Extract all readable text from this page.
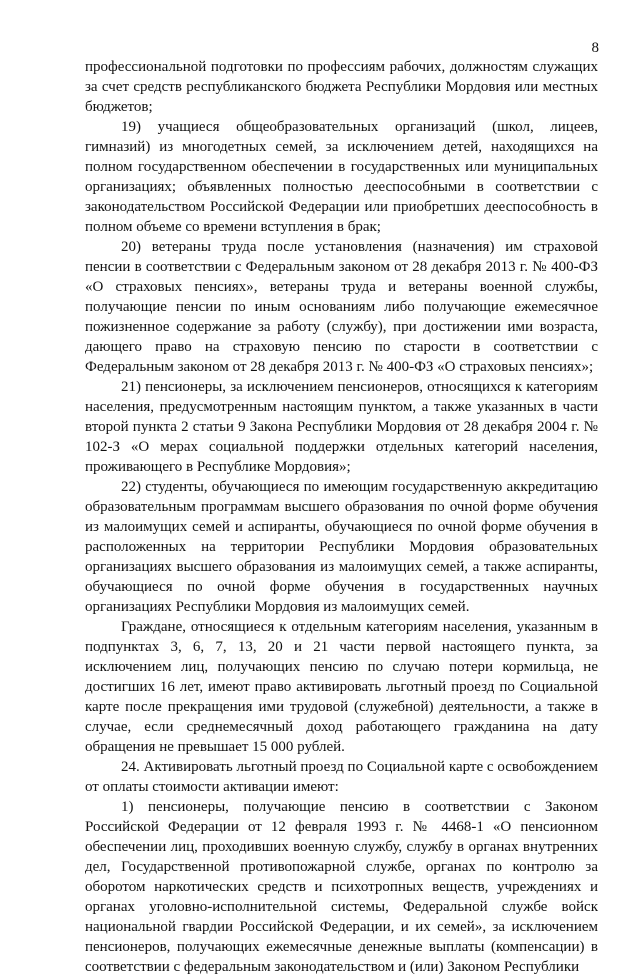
8

профессиональной подготовки по профессиям рабочих, должностям служащих за счет средств республиканского бюджета Республики Мордовия или местных бюджетов;

19) учащиеся общеобразовательных организаций (школ, лицеев, гимназий) из многодетных семей, за исключением детей, находящихся на полном государственном обеспечении в государственных или муниципальных организациях; объявленных полностью дееспособными в соответствии с законодательством Российской Федерации или приобретших дееспособность в полном объеме со времени вступления в брак;

20) ветераны труда после установления (назначения) им страховой пенсии в соответствии с Федеральным законом от 28 декабря 2013 г. № 400-ФЗ «О страховых пенсиях», ветераны труда и ветераны военной службы, получающие пенсии по иным основаниям либо получающие ежемесячное пожизненное содержание за работу (службу), при достижении ими возраста, дающего право на страховую пенсию по старости в соответствии с Федеральным законом от 28 декабря 2013 г. № 400-ФЗ «О страховых пенсиях»;

21) пенсионеры, за исключением пенсионеров, относящихся к категориям населения, предусмотренным настоящим пунктом, а также указанных в части второй пункта 2 статьи 9 Закона Республики Мордовия от 28 декабря 2004 г. № 102-З «О мерах социальной поддержки отдельных категорий населения, проживающего в Республике Мордовия»;

22) студенты, обучающиеся по имеющим государственную аккредитацию образовательным программам высшего образования по очной форме обучения из малоимущих семей и аспиранты, обучающиеся по очной форме обучения в расположенных на территории Республики Мордовия образовательных организациях высшего образования из малоимущих семей, а также аспиранты, обучающиеся по очной форме обучения в государственных научных организациях Республики Мордовия из малоимущих семей.

Граждане, относящиеся к отдельным категориям населения, указанным в подпунктах 3, 6, 7, 13, 20 и 21 части первой настоящего пункта, за исключением лиц, получающих пенсию по случаю потери кормильца, не достигших 16 лет, имеют право активировать льготный проезд по Социальной карте после прекращения ими трудовой (служебной) деятельности, а также в случае, если среднемесячный доход работающего гражданина на дату обращения не превышает 15 000 рублей.

24. Активировать льготный проезд по Социальной карте с освобождением от оплаты стоимости активации имеют:

1) пенсионеры, получающие пенсию в соответствии с Законом Российской Федерации от 12 февраля 1993 г. № 4468-1 «О пенсионном обеспечении лиц, проходивших военную службу, службу в органах внутренних дел, Государственной противопожарной службе, органах по контролю за оборотом наркотических средств и психотропных веществ, учреждениях и органах уголовно-исполнительной системы, Федеральной службе войск национальной гвардии Российской Федерации, и их семей», за исключением пенсионеров, получающих ежемесячные денежные выплаты (компенсации) в соответствии с федеральным законодательством и (или) Законом Республики
